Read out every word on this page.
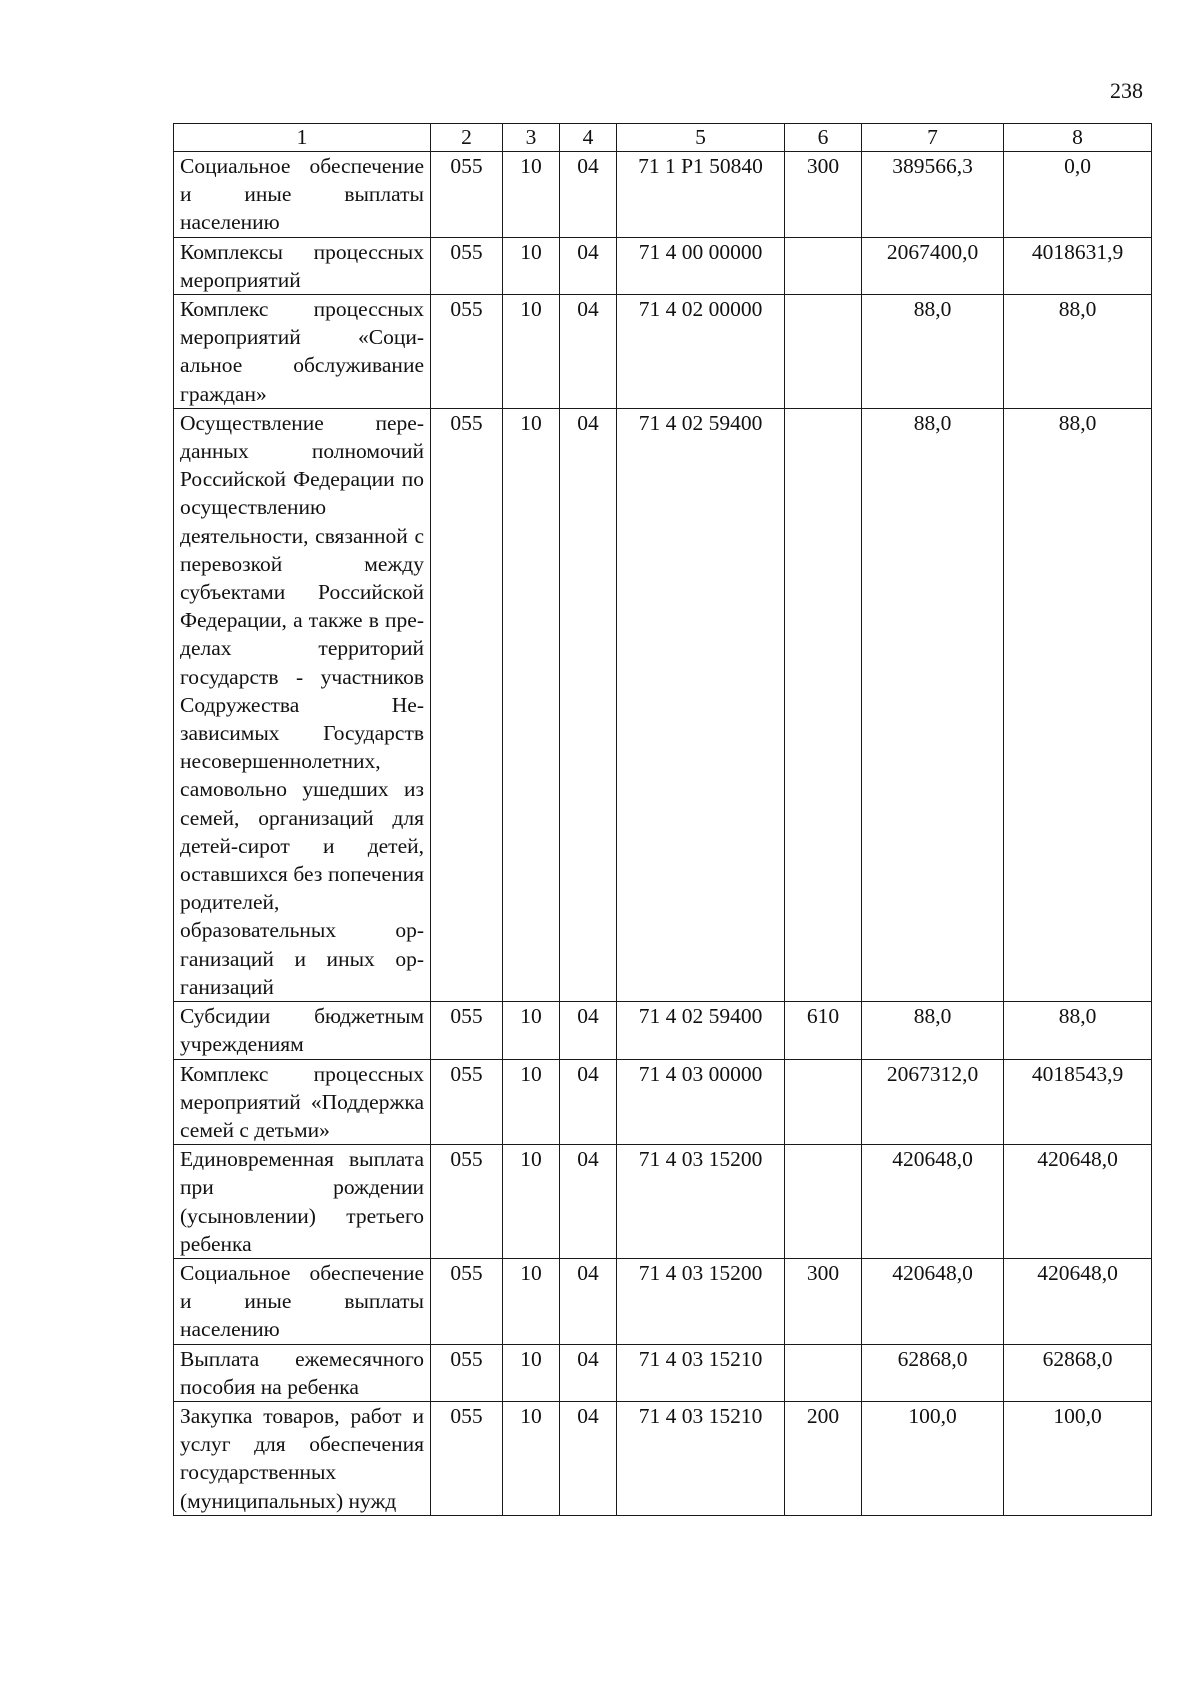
238
1	2	3	4	5	6	7	8
Социальное обеспечение и иные выплаты населению	055	10	04	71 1 P1 50840	300	389566,3	0,0
Комплексы процессных мероприятий	055	10	04	71 4 00 00000		2067400,0	4018631,9
Комплекс процессных мероприятий «Социальное обслуживание граждан»	055	10	04	71 4 02 00000		88,0	88,0
Осуществление переданных полномочий Российской Федерации по осуществлению деятельности, связанной с перевозкой между субъектами Российской Федерации, а также в пределах территорий государств - участников Содружества Независимых Государств несовершеннолетних, самовольно ушедших из семей, организаций для детей-сирот и детей, оставшихся без попечения родителей, образовательных организаций и иных организаций	055	10	04	71 4 02 59400		88,0	88,0
Субсидии бюджетным учреждениям	055	10	04	71 4 02 59400	610	88,0	88,0
Комплекс процессных мероприятий «Поддержка семей с детьми»	055	10	04	71 4 03 00000		2067312,0	4018543,9
Единовременная выплата при рождении (усыновлении) третьего ребенка	055	10	04	71 4 03 15200		420648,0	420648,0
Социальное обеспечение и иные выплаты населению	055	10	04	71 4 03 15200	300	420648,0	420648,0
Выплата ежемесячного пособия на ребенка	055	10	04	71 4 03 15210		62868,0	62868,0
Закупка товаров, работ и услуг для обеспечения государственных (муниципальных) нужд	055	10	04	71 4 03 15210	200	100,0	100,0
